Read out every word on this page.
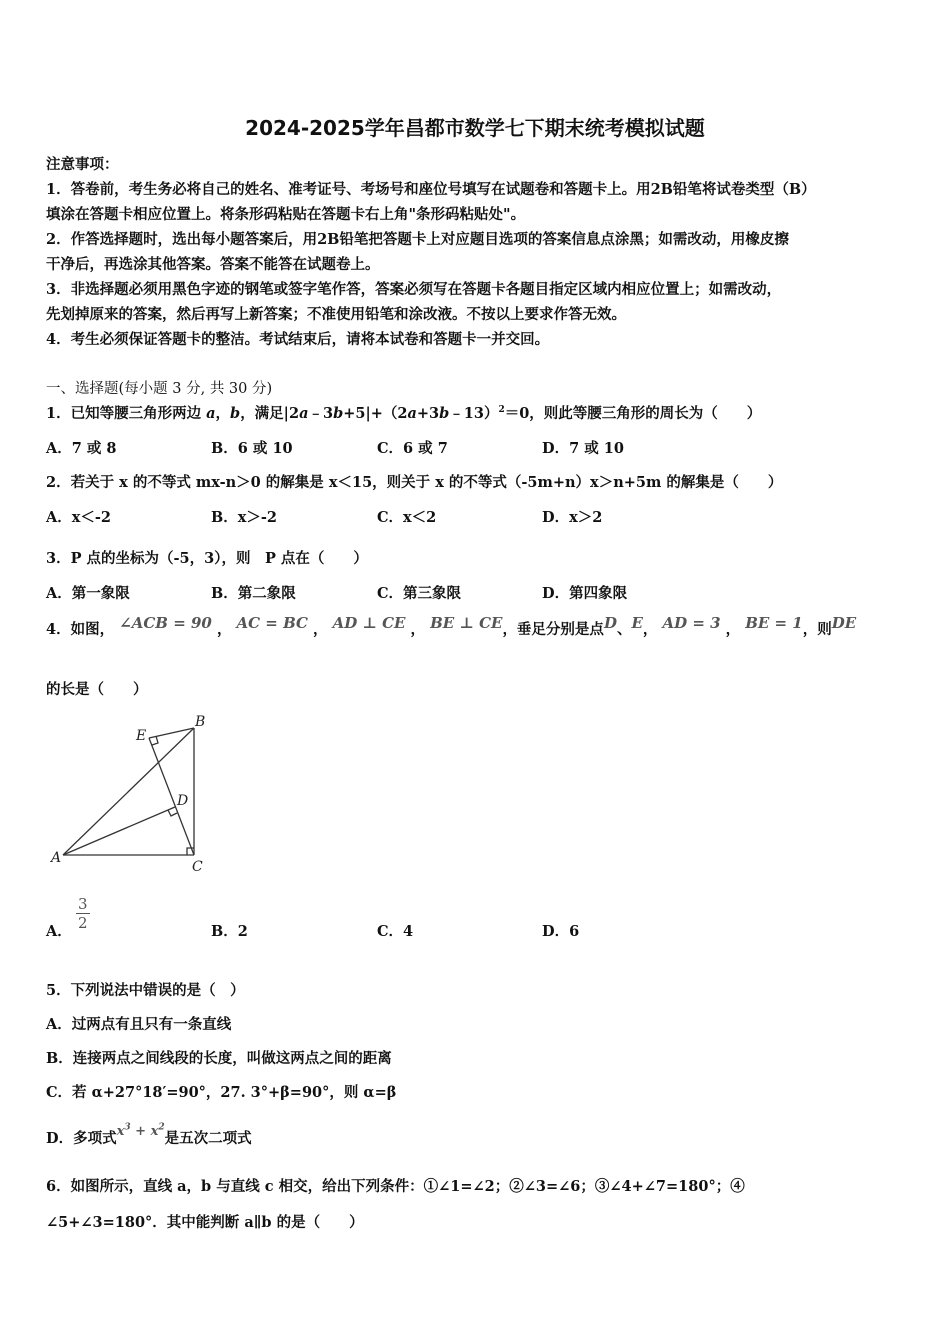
2024-2025学年昌都市数学七下期末统考模拟试题
注意事项：
1．答卷前，考生务必将自己的姓名、准考证号、考场号和座位号填写在试题卷和答题卡上。用2B铅笔将试卷类型（B）
填涂在答题卡相应位置上。将条形码粘贴在答题卡右上角"条形码粘贴处"。
2．作答选择题时，选出每小题答案后，用2B铅笔把答题卡上对应题目选项的答案信息点涂黑；如需改动，用橡皮擦
干净后，再选涂其他答案。答案不能答在试题卷上。
3．非选择题必须用黑色字迹的钢笔或签字笔作答，答案必须写在答题卡各题目指定区域内相应位置上；如需改动，
先划掉原来的答案，然后再写上新答案；不准使用铅笔和涂改液。不按以上要求作答无效。
4．考生必须保证答题卡的整洁。考试结束后，请将本试卷和答题卡一并交回。
一、选择题(每小题 3 分, 共 30 分)
1．已知等腰三角形两边 a，b，满足|2a﹣3b+5|+（2a+3b﹣13）$^2$＝0，则此等腰三角形的周长为（　　）
A．7 或 8	B．6 或 10	C．6 或 7	D．7 或 10
2．若关于 x 的不等式 mx-n＞0 的解集是 x＜15，则关于 x 的不等式（-5m+n）x＞n+5m 的解集是（　　）
A．x＜-2	B．x＞-2	C．x＜2	D．x＞2
3．P 点的坐标为（-5，3），则　P 点在（　　）
A．第一象限	B．第二象限	C．第三象限	D．第四象限
4．如图， ∠ACB = 90 ， AC = BC ， AD ⊥ CE ， BE ⊥ CE，垂足分别是点D、E， AD = 3 ， BE = 1，则DE
的长是（　　）
A
B
C
D
E
A． $\frac{3}{2}$	B．2	C．4	D．6
5．下列说法中错误的是（　）
A．过两点有且只有一条直线
B．连接两点之间线段的长度，叫做这两点之间的距离
C．若 α+27°18′=90°，27. 3°+β=90°，则 α=β
D．多项式$x^3 + x^2$是五次二项式
6．如图所示，直线 a，b 与直线 c 相交，给出下列条件：①∠1=∠2；②∠3=∠6；③∠4+∠7=180°；④
∠5+∠3=180°．其中能判断 a∥b 的是（　　）
